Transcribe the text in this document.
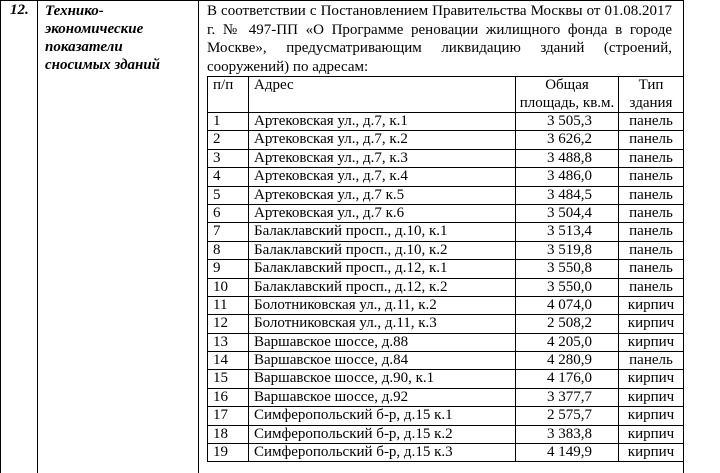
12. Технико-экономические показатели сносимых зданий
В соответствии с Постановлением Правительства Москвы от 01.08.2017 г. № 497-ПП «О Программе реновации жилищного фонда в городе Москве», предусматривающим ликвидацию зданий (строений, сооружений) по адресам:
п/п	Адрес	Общая площадь, кв.м.	Тип здания
1	Артековская ул., д.7, к.1	3 505,3	панель
2	Артековская ул., д.7, к.2	3 626,2	панель
3	Артековская ул., д.7, к.3	3 488,8	панель
4	Артековская ул., д.7, к.4	3 486,0	панель
5	Артековская ул., д.7 к.5	3 484,5	панель
6	Артековская ул., д.7 к.6	3 504,4	панель
7	Балаклавский просп., д.10, к.1	3 513,4	панель
8	Балаклавский просп., д.10, к.2	3 519,8	панель
9	Балаклавский просп., д.12, к.1	3 550,8	панель
10	Балаклавский просп., д.12, к.2	3 550,0	панель
11	Болотниковская ул., д.11, к.2	4 074,0	кирпич
12	Болотниковская ул., д.11, к.3	2 508,2	кирпич
13	Варшавское шоссе, д.88	4 205,0	кирпич
14	Варшавское шоссе, д.84	4 280,9	панель
15	Варшавское шоссе, д.90, к.1	4 176,0	кирпич
16	Варшавское шоссе, д.92	3 377,7	кирпич
17	Симферопольский б-р, д.15 к.1	2 575,7	кирпич
18	Симферопольский б-р, д.15 к.2	3 383,8	кирпич
19	Симферопольский б-р, д.15 к.3	4 149,9	кирпич
